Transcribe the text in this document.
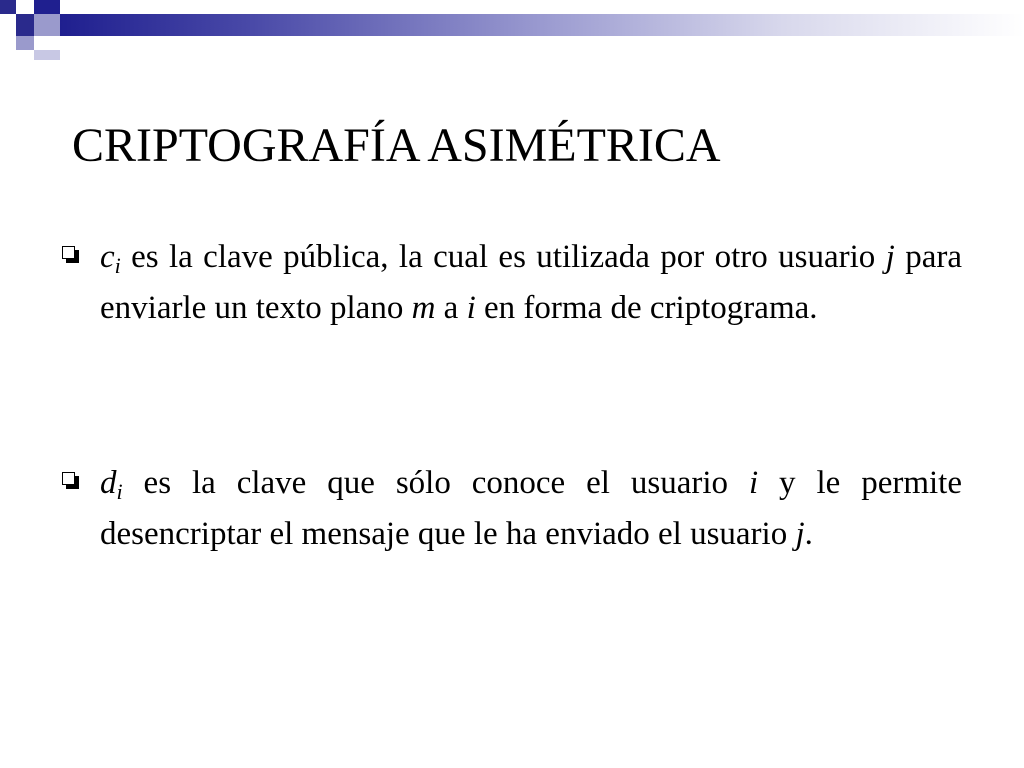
CRIPTOGRAFÍA ASIMÉTRICA

$c_i$ es la clave pública, la cual es utilizada por otro usuario j para enviarle un texto plano m a i en forma de criptograma.

$d_i$ es la clave que sólo conoce el usuario i y le permite desencriptar el mensaje que le ha enviado el usuario j.
